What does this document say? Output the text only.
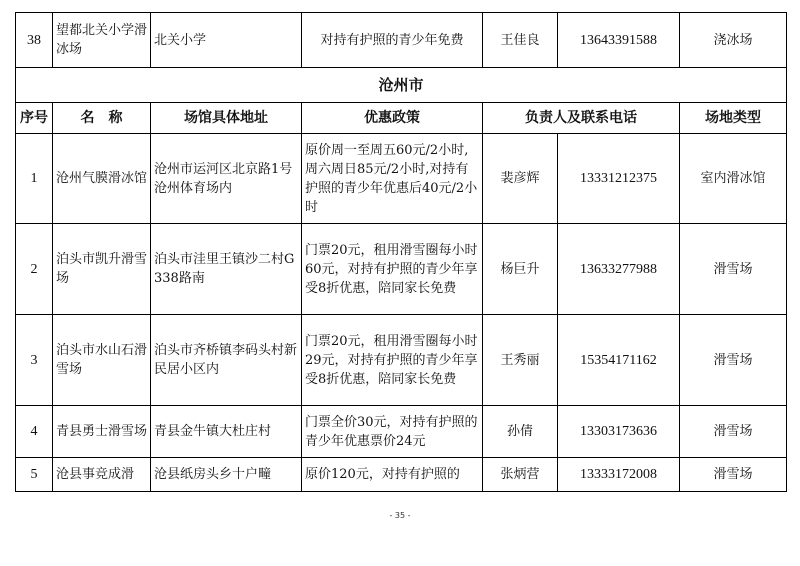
38	望都北关小学滑冰场	北关小学	对持有护照的青少年免费	王佳良	13643391588	浇冰场
沧州市						
序号	名　称	场馆具体地址	优惠政策	负责人及联系电话		场地类型
1	沧州气膜滑冰馆	沧州市运河区北京路1号沧州体育场内	原价周一至周五60元/2小时,周六周日85元/2小时,对持有护照的青少年优惠后40元/2小时	裴彦辉	13331212375	室内滑冰馆
2	泊头市凯升滑雪场	泊头市洼里王镇沙二村G338路南	门票20元，租用滑雪圈每小时60元，对持有护照的青少年享受8折优惠，陪同家长免费	杨巨升	13633277988	滑雪场
3	泊头市水山石滑雪场	泊头市齐桥镇李码头村新民居小区内	门票20元，租用滑雪圈每小时29元，对持有护照的青少年享受8折优惠，陪同家长免费	王秀丽	15354171162	滑雪场
4	青县勇士滑雪场	青县金牛镇大杜庄村	门票全价30元，对持有护照的青少年优惠票价24元	孙倩	13303173636	滑雪场
5	沧县事竞成滑	沧县纸房头乡十户疃	原价120元，对持有护照的	张炳营	13333172008	滑雪场
- 35 -
